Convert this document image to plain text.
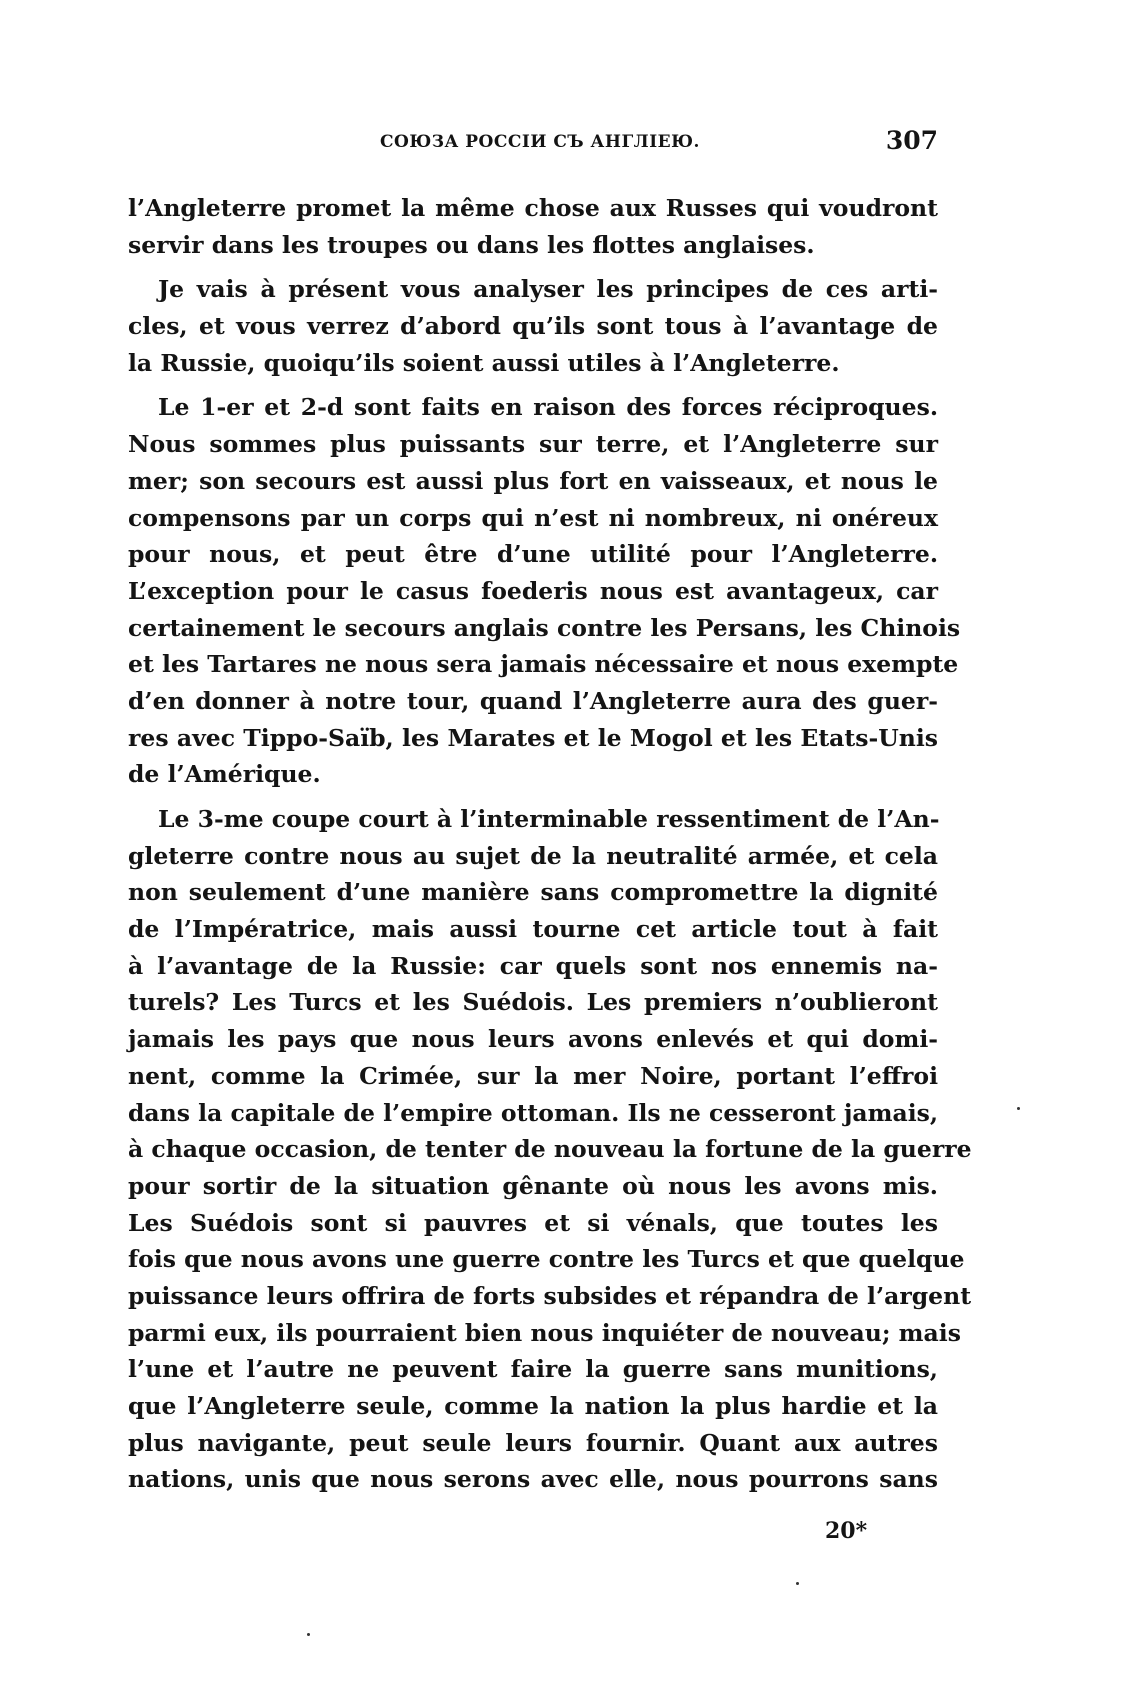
СОЮЗА РОССІИ СЪ АНГЛІЕЮ.	307
l’Angleterre promet la même chose aux Russes qui voudront
servir dans les troupes ou dans les flottes anglaises.
Je vais à présent vous analyser les principes de ces arti-
cles, et vous verrez d’abord qu’ils sont tous à l’avantage de
la Russie, quoiqu’ils soient aussi utiles à l’Angleterre.
Le 1-er et 2-d sont faits en raison des forces réciproques.
Nous sommes plus puissants sur terre, et l’Angleterre sur
mer; son secours est aussi plus fort en vaisseaux, et nous le
compensons par un corps qui n’est ni nombreux, ni onéreux
pour nous, et peut être d’une utilité pour l’Angleterre.
L’exception pour le casus foederis nous est avantageux, car
certainement le secours anglais contre les Persans, les Chinois
et les Tartares ne nous sera jamais nécessaire et nous exempte
d’en donner à notre tour, quand l’Angleterre aura des guer-
res avec Tippo-Saïb, les Marates et le Mogol et les Etats-Unis
de l’Amérique.
Le 3-me coupe court à l’interminable ressentiment de l’An-
gleterre contre nous au sujet de la neutralité armée, et cela
non seulement d’une manière sans compromettre la dignité
de l’Impératrice, mais aussi tourne cet article tout à fait
à l’avantage de la Russie: car quels sont nos ennemis na-
turels? Les Turcs et les Suédois. Les premiers n’oublieront
jamais les pays que nous leurs avons enlevés et qui domi-
nent, comme la Crimée, sur la mer Noire, portant l’effroi
dans la capitale de l’empire ottoman. Ils ne cesseront jamais,
à chaque occasion, de tenter de nouveau la fortune de la guerre
pour sortir de la situation gênante où nous les avons mis.
Les Suédois sont si pauvres et si vénals, que toutes les
fois que nous avons une guerre contre les Turcs et que quelque
puissance leurs offrira de forts subsides et répandra de l’argent
parmi eux, ils pourraient bien nous inquiéter de nouveau; mais
l’une et l’autre ne peuvent faire la guerre sans munitions,
que l’Angleterre seule, comme la nation la plus hardie et la
plus navigante, peut seule leurs fournir. Quant aux autres
nations, unis que nous serons avec elle, nous pourrons sans
20*
